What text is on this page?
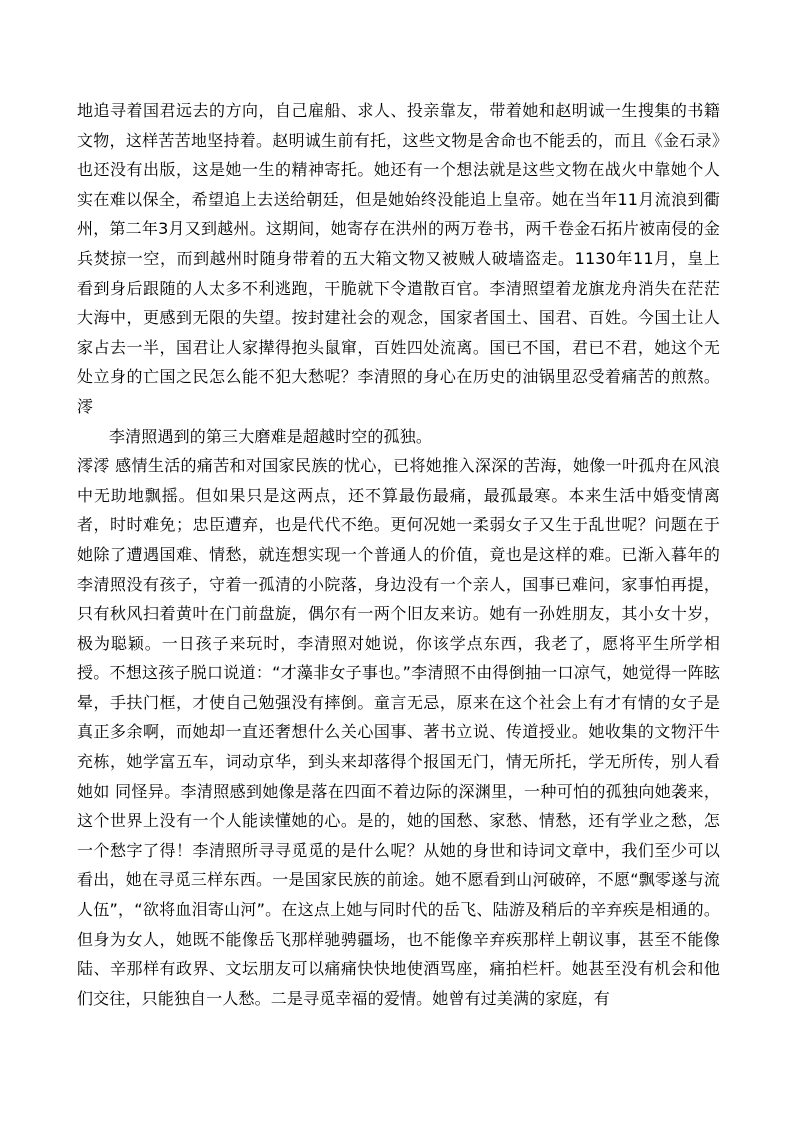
地追寻着国君远去的方向，自己雇船、求人、投亲靠友，带着她和赵明诚一生搜集的书籍文物，这样苦苦地坚持着。赵明诚生前有托，这些文物是舍命也不能丢的，而且《金石录》也还没有出版，这是她一生的精神寄托。她还有一个想法就是这些文物在战火中靠她个人实在难以保全，希望追上去送给朝廷，但是她始终没能追上皇帝。她在当年11月流浪到衢州，第二年3月又到越州。这期间，她寄存在洪州的两万卷书，两千卷金石拓片被南侵的金兵焚掠一空，而到越州时随身带着的五大箱文物又被贼人破墙盗走。1130年11月，皇上看到身后跟随的人太多不利逃跑，干脆就下令遣散百官。李清照望着龙旗龙舟消失在茫茫大海中，更感到无限的失望。按封建社会的观念，国家者国土、国君、百姓。今国土让人家占去一半，国君让人家撵得抱头鼠窜，百姓四处流离。国已不国，君已不君，她这个无处立身的亡国之民怎么能不犯大愁呢？李清照的身心在历史的油锅里忍受着痛苦的煎熬。澪

李清照遇到的第三大磨难是超越时空的孤独。

澪澪 感情生活的痛苦和对国家民族的忧心，已将她推入深深的苦海，她像一叶孤舟在风浪中无助地飘摇。但如果只是这两点，还不算最伤最痛，最孤最寒。本来生活中婚变情离者，时时难免；忠臣遭弃，也是代代不绝。更何况她一柔弱女子又生于乱世呢？问题在于她除了遭遇国难、情愁，就连想实现一个普通人的价值，竟也是这样的难。已渐入暮年的李清照没有孩子，守着一孤清的小院落，身边没有一个亲人，国事已难问，家事怕再提，只有秋风扫着黄叶在门前盘旋，偶尔有一两个旧友来访。她有一孙姓朋友，其小女十岁，极为聪颖。一日孩子来玩时，李清照对她说，你该学点东西，我老了，愿将平生所学相授。不想这孩子脱口说道：“才藻非女子事也。”李清照不由得倒抽一口凉气，她觉得一阵眩晕，手扶门框，才使自己勉强没有摔倒。童言无忌，原来在这个社会上有才有情的女子是真正多余啊，而她却一直还奢想什么关心国事、著书立说、传道授业。她收集的文物汗牛充栋，她学富五车，词动京华，到头来却落得个报国无门，情无所托，学无所传，别人看她如 同怪异。李清照感到她像是落在四面不着边际的深渊里，一种可怕的孤独向她袭来，这个世界上没有一个人能读懂她的心。是的，她的国愁、家愁、情愁，还有学业之愁，怎一个愁字了得！李清照所寻寻觅觅的是什么呢？从她的身世和诗词文章中，我们至少可以看出，她在寻觅三样东西。一是国家民族的前途。她不愿看到山河破碎，不愿“飘零遂与流人伍”，“欲将血泪寄山河”。在这点上她与同时代的岳飞、陆游及稍后的辛弃疾是相通的。但身为女人，她既不能像岳飞那样驰骋疆场，也不能像辛弃疾那样上朝议事，甚至不能像陆、辛那样有政界、文坛朋友可以痛痛快快地使酒骂座，痛拍栏杆。她甚至没有机会和他们交往，只能独自一人愁。二是寻觅幸福的爱情。她曾有过美满的家庭，有
